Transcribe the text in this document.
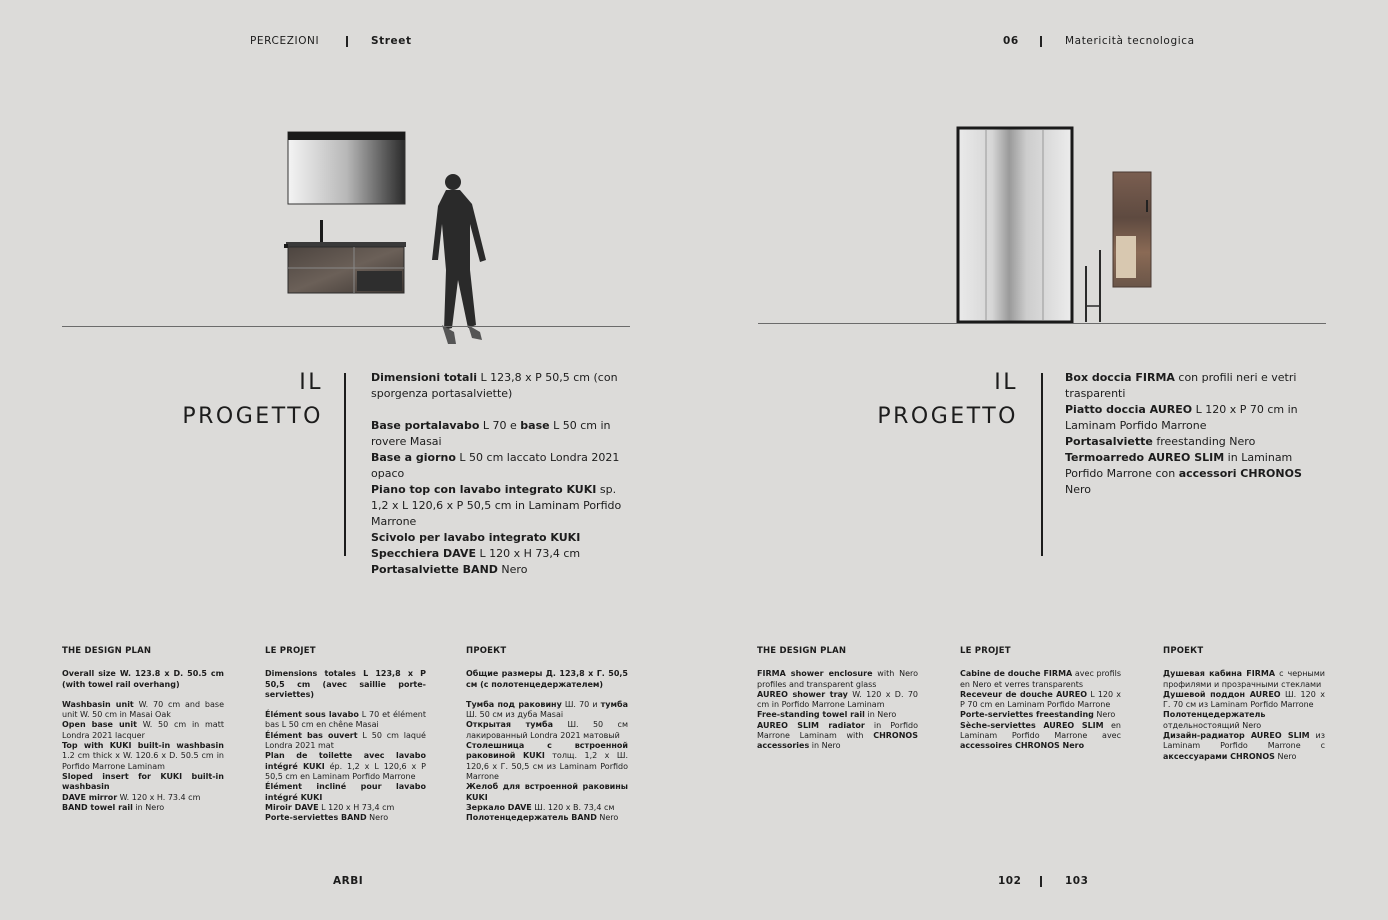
PERCEZIONI	Street	06	Matericità tecnologica
IL
PROGETTO

Dimensioni totali L 123,8 x P 50,5 cm (con sporgenza portasalviette)

Base portalavabo L 70 e base L 50 cm in rovere Masai

Base a giorno L 50 cm laccato Londra 2021 opaco

Piano top con lavabo integrato KUKI sp. 1,2 x L 120,6 x P 50,5 cm in Laminam Porfido Marrone

Scivolo per lavabo integrato KUKI

Specchiera DAVE L 120 x H 73,4 cm

Portasalviette BAND Nero

IL
PROGETTO

Box doccia FIRMA con profili neri e vetri trasparenti

Piatto doccia AUREO L 120 x P 70 cm in Laminam Porfido Marrone

Portasalviette freestanding Nero

Termoarredo AUREO SLIM in Laminam Porfido Marrone con accessori CHRONOS Nero

THE DESIGN PLAN

Overall size W. 123.8 x D. 50.5 cm (with towel rail overhang)

Washbasin unit W. 70 cm and base unit W. 50 cm in Masai Oak

Open base unit W. 50 cm in matt Londra 2021 lacquer

Top with KUKI built-in washbasin 1.2 cm thick x W. 120.6 x D. 50.5 cm in Porfido Marrone Laminam

Sloped insert for KUKI built-in washbasin

DAVE mirror W. 120 x H. 73.4 cm

BAND towel rail in Nero

LE PROJET

Dimensions totales L 123,8 x P 50,5 cm (avec saillie porte-serviettes)

Élément sous lavabo L 70 et élément bas L 50 cm en chêne Masai

Élément bas ouvert L 50 cm laqué Londra 2021 mat

Plan de toilette avec lavabo intégré KUKI ép. 1,2 x L 120,6 x P 50,5 cm en Laminam Porfido Marrone

Élément incliné pour lavabo intégré KUKI

Miroir DAVE L 120 x H 73,4 cm

Porte-serviettes BAND Nero

ПРОЕКТ

Общие размеры Д. 123,8 x Г. 50,5 см (с полотенцедержателем)

Тумба под раковину Ш. 70 и тумба Ш. 50 см из дуба Masai

Открытая тумба Ш. 50 см лакированный Londra 2021 матовый

Столешница с встроенной раковиной KUKI толщ. 1,2 x Ш. 120,6 x Г. 50,5 см из Laminam Porfido Marrone

Желоб для встроенной раковины KUKI

Зеркало DAVE Ш. 120 x В. 73,4 см

Полотенцедержатель BAND Nero

THE DESIGN PLAN

FIRMA shower enclosure with Nero profiles and transparent glass

AUREO shower tray W. 120 x D. 70 cm in Porfido Marrone Laminam

Free-standing towel rail in Nero

AUREO SLIM radiator in Porfido Marrone Laminam with CHRONOS accessories in Nero

LE PROJET

Cabine de douche FIRMA avec profils en Nero et verres transparents

Receveur de douche AUREO L 120 x P 70 cm en Laminam Porfido Marrone

Porte-serviettes freestanding Nero

Sèche-serviettes AUREO SLIM en Laminam Porfido Marrone avec accessoires CHRONOS Nero

ПРОЕКТ

Душевая кабина FIRMA с черными профилями и прозрачными стеклами

Душевой поддон AUREO Ш. 120 x Г. 70 см из Laminam Porfido Marrone

Полотенцедержатель отдельностоящий Nero

Дизайн-радиатор AUREO SLIM из Laminam Porfido Marrone с аксессуарами CHRONOS Nero

ARBI	102	103
